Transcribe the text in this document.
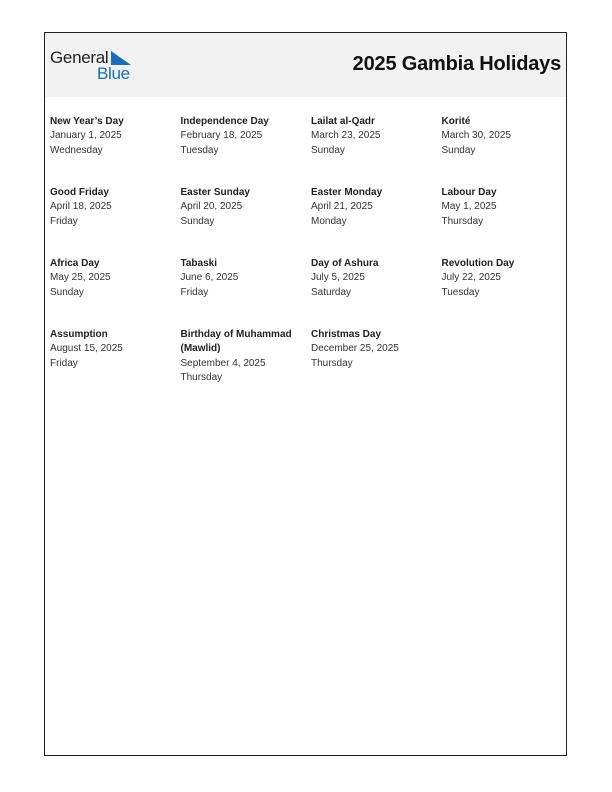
General
Blue	2025 Gambia Holidays
New Year’s Day
January 1, 2025
Wednesday
Independence Day
February 18, 2025
Tuesday
Lailat al-Qadr
March 23, 2025
Sunday
Korité
March 30, 2025
Sunday
Good Friday
April 18, 2025
Friday
Easter Sunday
April 20, 2025
Sunday
Easter Monday
April 21, 2025
Monday
Labour Day
May 1, 2025
Thursday
Africa Day
May 25, 2025
Sunday
Tabaski
June 6, 2025
Friday
Day of Ashura
July 5, 2025
Saturday
Revolution Day
July 22, 2025
Tuesday
Assumption
August 15, 2025
Friday
Birthday of Muhammad (Mawlid)
September 4, 2025
Thursday
Christmas Day
December 25, 2025
Thursday
